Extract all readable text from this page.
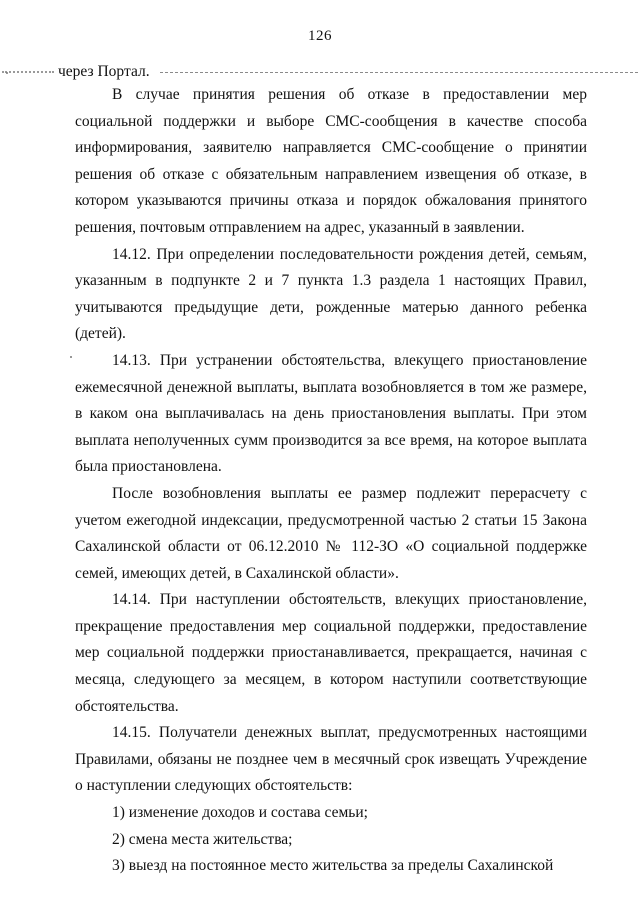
126
через Портал.

В случае принятия решения об отказе в предоставлении мер социальной поддержки и выборе СМС-сообщения в качестве способа информирования, заявителю направляется СМС-сообщение о принятии решения об отказе с обязательным направлением извещения об отказе, в котором указываются причины отказа и порядок обжалования принятого решения, почтовым отправлением на адрес, указанный в заявлении.

14.12. При определении последовательности рождения детей, семьям, указанным в подпункте 2 и 7 пункта 1.3 раздела 1 настоящих Правил, учитываются предыдущие дети, рожденные матерью данного ребенка (детей).

14.13. При устранении обстоятельства, влекущего приостановление ежемесячной денежной выплаты, выплата возобновляется в том же размере, в каком она выплачивалась на день приостановления выплаты. При этом выплата неполученных сумм производится за все время, на которое выплата была приостановлена.

После возобновления выплаты ее размер подлежит перерасчету с учетом ежегодной индексации, предусмотренной частью 2 статьи 15 Закона Сахалинской области от 06.12.2010 № 112-ЗО «О социальной поддержке семей, имеющих детей, в Сахалинской области».

14.14. При наступлении обстоятельств, влекущих приостановление, прекращение предоставления мер социальной поддержки, предоставление мер социальной поддержки приостанавливается, прекращается, начиная с месяца, следующего за месяцем, в котором наступили соответствующие обстоятельства.

14.15. Получатели денежных выплат, предусмотренных настоящими Правилами, обязаны не позднее чем в месячный срок извещать Учреждение о наступлении следующих обстоятельств:

1) изменение доходов и состава семьи;

2) смена места жительства;

3) выезд на постоянное место жительства за пределы Сахалинской
